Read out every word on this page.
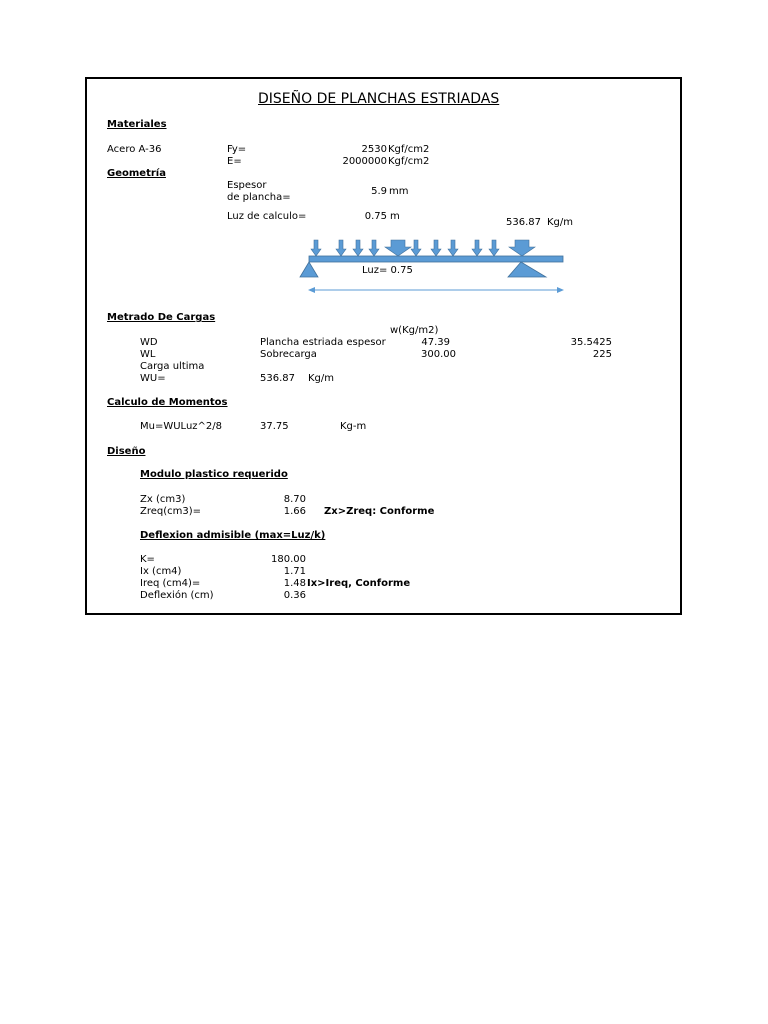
DISEÑO DE PLANCHAS ESTRIADAS
Materiales
Acero A-36	Fy=	2530 Kgf/cm2
E=	2000000 Kgf/cm2
Geometría
Espesor
de plancha=
5.9 mm
Luz de calculo=	0.75 m
536.87 Kg/m
Luz= 0.75
Metrado De Cargas
w(Kg/m2)
WD	Plancha estriada espesor	47.39	35.5425
WL	Sobrecarga	300.00	225
Carga ultima
WU=	536.87 Kg/m
Calculo de Momentos
Mu=WULuz^2/8	37.75	Kg-m
Diseño
Modulo plastico requerido
Zx (cm3)	8.70
Zreq(cm3)=	1.66 Zx>Zreq: Conforme
Deflexion admisible (max=Luz/k)
K=	180.00
Ix (cm4)	1.71
Ireq (cm4)=	1.48 Ix>Ireq, Conforme
Deflexión (cm)	0.36
